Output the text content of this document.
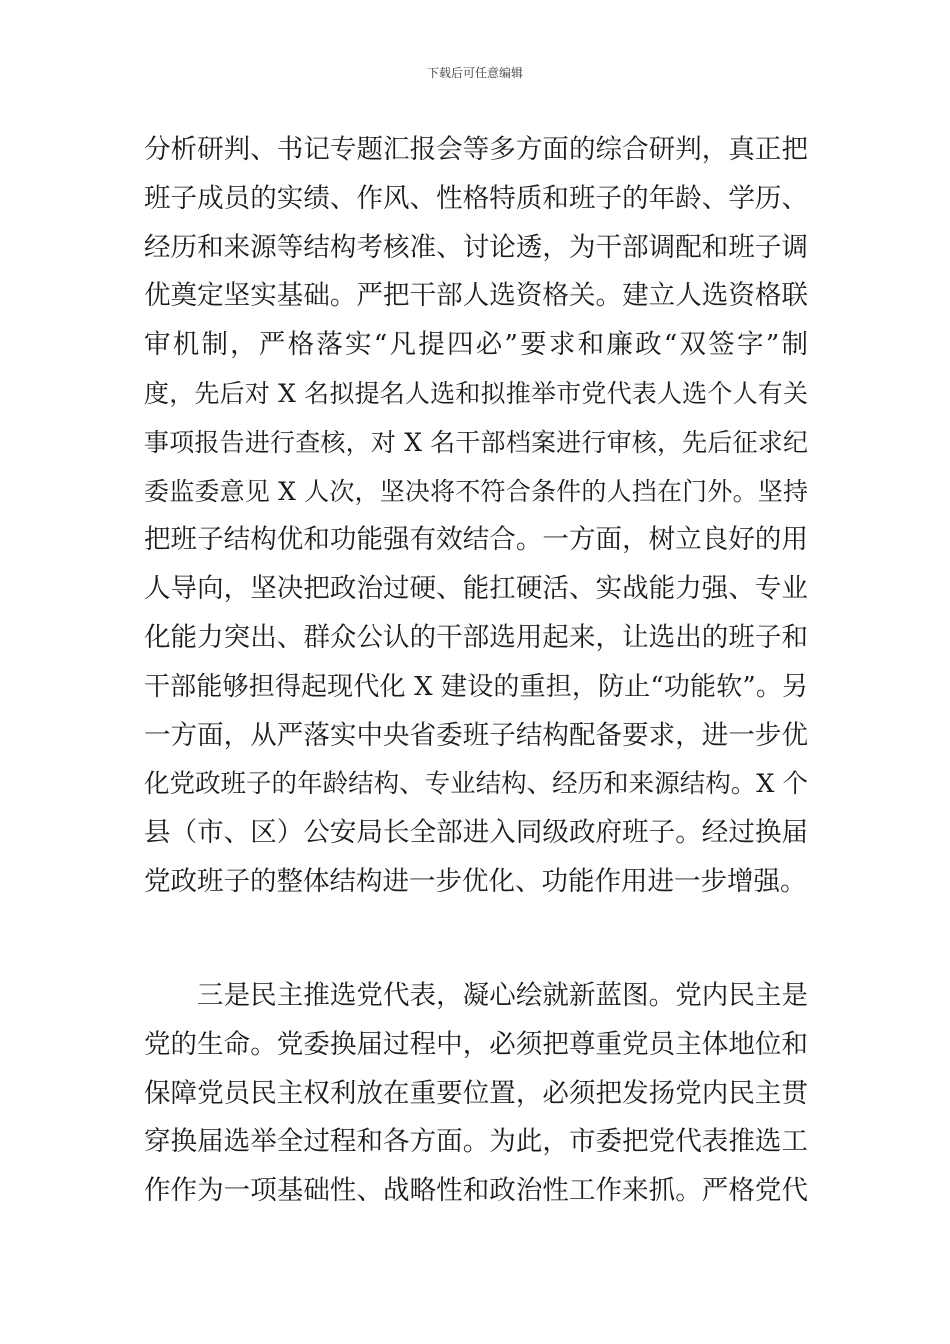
下载后可任意编辑
分析研判、书记专题汇报会等多方面的综合研判，真正把
班子成员的实绩、作风、性格特质和班子的年龄、学历、
经历和来源等结构考核准、讨论透，为干部调配和班子调
优奠定坚实基础。严把干部人选资格关。建立人选资格联
审机制，严格落实“凡提四必”要求和廉政“双签字”制
度，先后对 X 名拟提名人选和拟推举市党代表人选个人有关
事项报告进行查核，对 X 名干部档案进行审核，先后征求纪
委监委意见 X 人次，坚决将不符合条件的人挡在门外。坚持
把班子结构优和功能强有效结合。一方面，树立良好的用
人导向，坚决把政治过硬、能扛硬活、实战能力强、专业
化能力突出、群众公认的干部选用起来，让选出的班子和
干部能够担得起现代化 X 建设的重担，防止“功能软”。另
一方面，从严落实中央省委班子结构配备要求，进一步优
化党政班子的年龄结构、专业结构、经历和来源结构。X 个
县（市、区）公安局长全部进入同级政府班子。经过换届
党政班子的整体结构进一步优化、功能作用进一步增强。
三是民主推选党代表，凝心绘就新蓝图。党内民主是
党的生命。党委换届过程中，必须把尊重党员主体地位和
保障党员民主权利放在重要位置，必须把发扬党内民主贯
穿换届选举全过程和各方面。为此，市委把党代表推选工
作作为一项基础性、战略性和政治性工作来抓。严格党代
